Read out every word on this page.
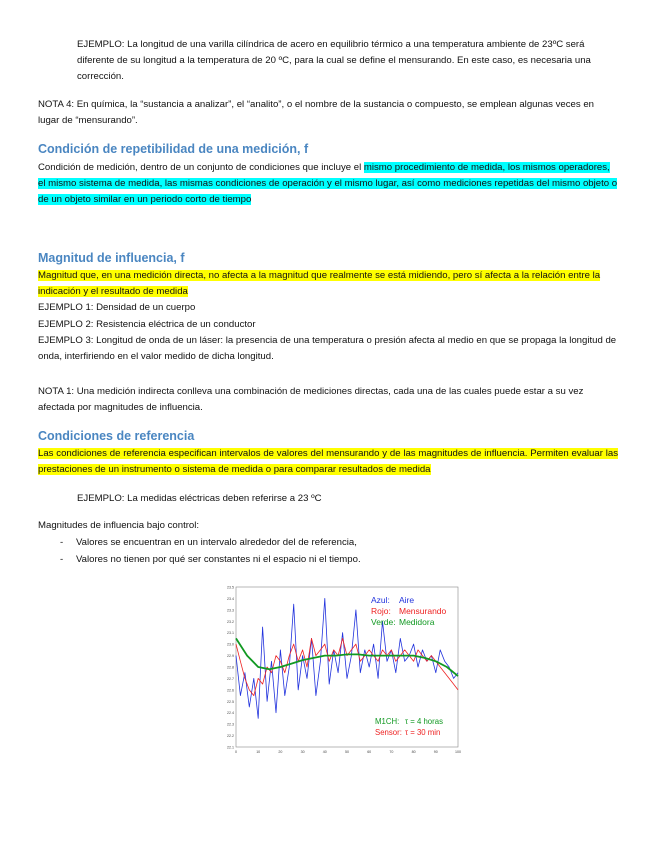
EJEMPLO: La longitud de una varilla cilíndrica de acero en equilibrio térmico a una temperatura ambiente de 23ºC será diferente de su longitud a la temperatura de 20 ºC, para la cual se define el mensurando. En este caso, es necesaria una corrección.

NOTA 4: En química, la “sustancia a analizar”, el “analito”, o el nombre de la sustancia o compuesto, se emplean algunas veces en lugar de “mensurando”.

Condición de repetibilidad de una medición, f

Condición de medición, dentro de un conjunto de condiciones que incluye el mismo procedimiento de medida, los mismos operadores, el mismo sistema de medida, las mismas condiciones de operación y el mismo lugar, así como mediciones repetidas del mismo objeto o de un objeto similar en un periodo corto de tiempo

Magnitud de influencia, f

Magnitud que, en una medición directa, no afecta a la magnitud que realmente se está midiendo, pero sí afecta a la relación entre la indicación y el resultado de medida

EJEMPLO 1: Densidad de un cuerpo

EJEMPLO 2: Resistencia eléctrica de un conductor

EJEMPLO 3: Longitud de onda de un láser: la presencia de una temperatura o presión afecta al medio en que se propaga la longitud de onda, interfiriendo en el valor medido de dicha longitud.

NOTA 1: Una medición indirecta conlleva una combinación de mediciones directas, cada una de las cuales puede estar a su vez afectada por magnitudes de influencia.

Condiciones de referencia

Las condiciones de referencia especifican intervalos de valores del mensurando y de las magnitudes de influencia. Permiten evaluar las prestaciones de un instrumento o sistema de medida o para comparar resultados de medida

EJEMPLO: La medidas eléctricas deben referirse a 23 ºC

Magnitudes de influencia bajo control:

- Valores se encuentran en un intervalo alrededor del de referencia,
- Valores no tienen por qué ser constantes ni el espacio ni el tiempo.
23.5
23.4
23.3
23.2
23.1
23.0
22.9
22.8
22.7
22.6
22.5
22.4
22.3
22.2
22.1
0	10	20	30	40	50	60	70	80	90	100
Azul: Aire
Rojo: Mensurando
Verde: Medidora
M1CH: τ = 4 horas
Sensor: τ = 30 min
